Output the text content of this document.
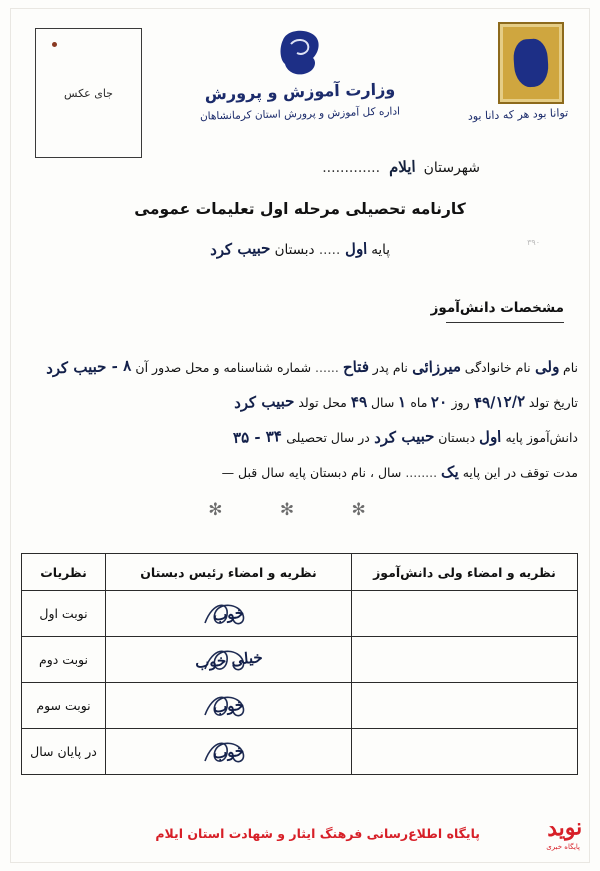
جای عکس	وزارت آموزش و پرورش
اداره کل آموزش و پرورش استان کرمانشاهان	توانا بود هر که دانا بود
شهرستان ایلام .............
کارنامه تحصیلی مرحله اول تعلیمات عمومی
۳۹۰
پایه اول ..... دبستان حبیب کرد
مشخصات دانش‌آموز
نام ولی نام خانوادگی میرزائی نام پدر فتاح ...... شماره شناسنامه و محل صدور آن ۸ - حبیب کرد
تاریخ تولد ۴۹/۱۲/۲ روز ۲۰ ماه ۱ سال ۴۹ محل تولد حبیب کرد
دانش‌آموز پایه اول دبستان حبیب کرد در سال تحصیلی ۳۴ - ۳۵
مدت توقف در این پایه یک ........ سال ، نام دبستان پایه سال قبل —
✻ ✻ ✻
نظریه و امضاء ولی دانش‌آموز	نظریه و امضاء رئیس دبستان	نظریات

	خوب	نوبت اول

	خیلی خوب	نوبت دوم

	خوب	نوبت سوم

	خوب	در پایان سال
پایگاه اطلاع‌رسانی فرهنگ ایثار و شهادت استان ایلام	نوید
پایگاه خبری
